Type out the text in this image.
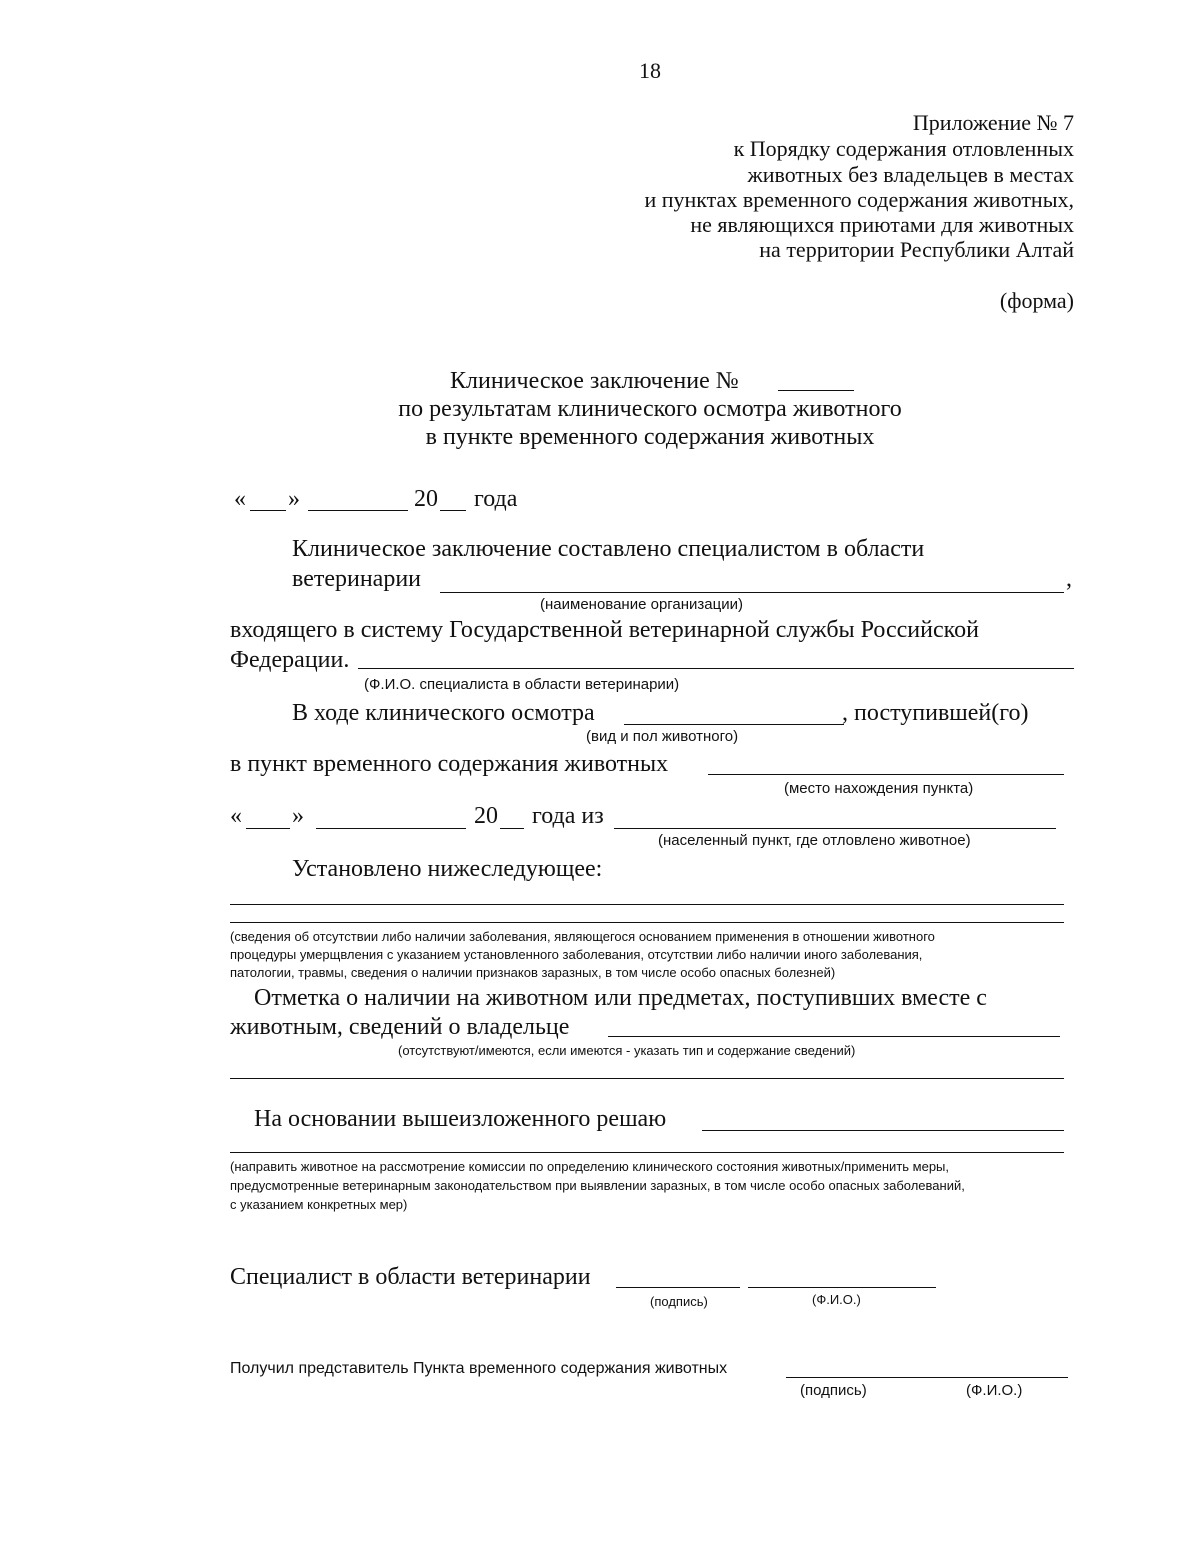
18
Приложение № 7
к Порядку содержания отловленных
животных без владельцев в местах
и пунктах временного содержания животных,
не являющихся приютами для животных
на территории Республики Алтай
(форма)
Клиническое заключение №
по результатам клинического осмотра животного
в пункте временного содержания животных
« »	20 года
Клиническое заключение составлено специалистом в области
ветеринарии	,
(наименование организации)
входящего в систему Государственной ветеринарной службы Российской
Федерации.
(Ф.И.О. специалиста в области ветеринарии)
В ходе клинического осмотра	, поступившей(го)
(вид и пол животного)
в пункт временного содержания животных
(место нахождения пункта)
« »	20 года из
(населенный пункт, где отловлено животное)
Установлено нижеследующее:
(сведения об отсутствии либо наличии заболевания, являющегося основанием применения в отношении животного
процедуры умерщвления с указанием установленного заболевания, отсутствии либо наличии иного заболевания,
патологии, травмы, сведения о наличии признаков заразных, в том числе особо опасных болезней)
Отметка о наличии на животном или предметах, поступивших вместе с
животным, сведений о владельце
(отсутствуют/имеются, если имеются - указать тип и содержание сведений)
На основании вышеизложенного решаю
(направить животное на рассмотрение комиссии по определению клинического состояния животных/применить меры,
предусмотренные ветеринарным законодательством при выявлении заразных, в том числе особо опасных заболеваний,
с указанием конкретных мер)
Специалист в области ветеринарии
(подпись)	(Ф.И.О.)
Получил представитель Пункта временного содержания животных
(подпись)	(Ф.И.О.)
